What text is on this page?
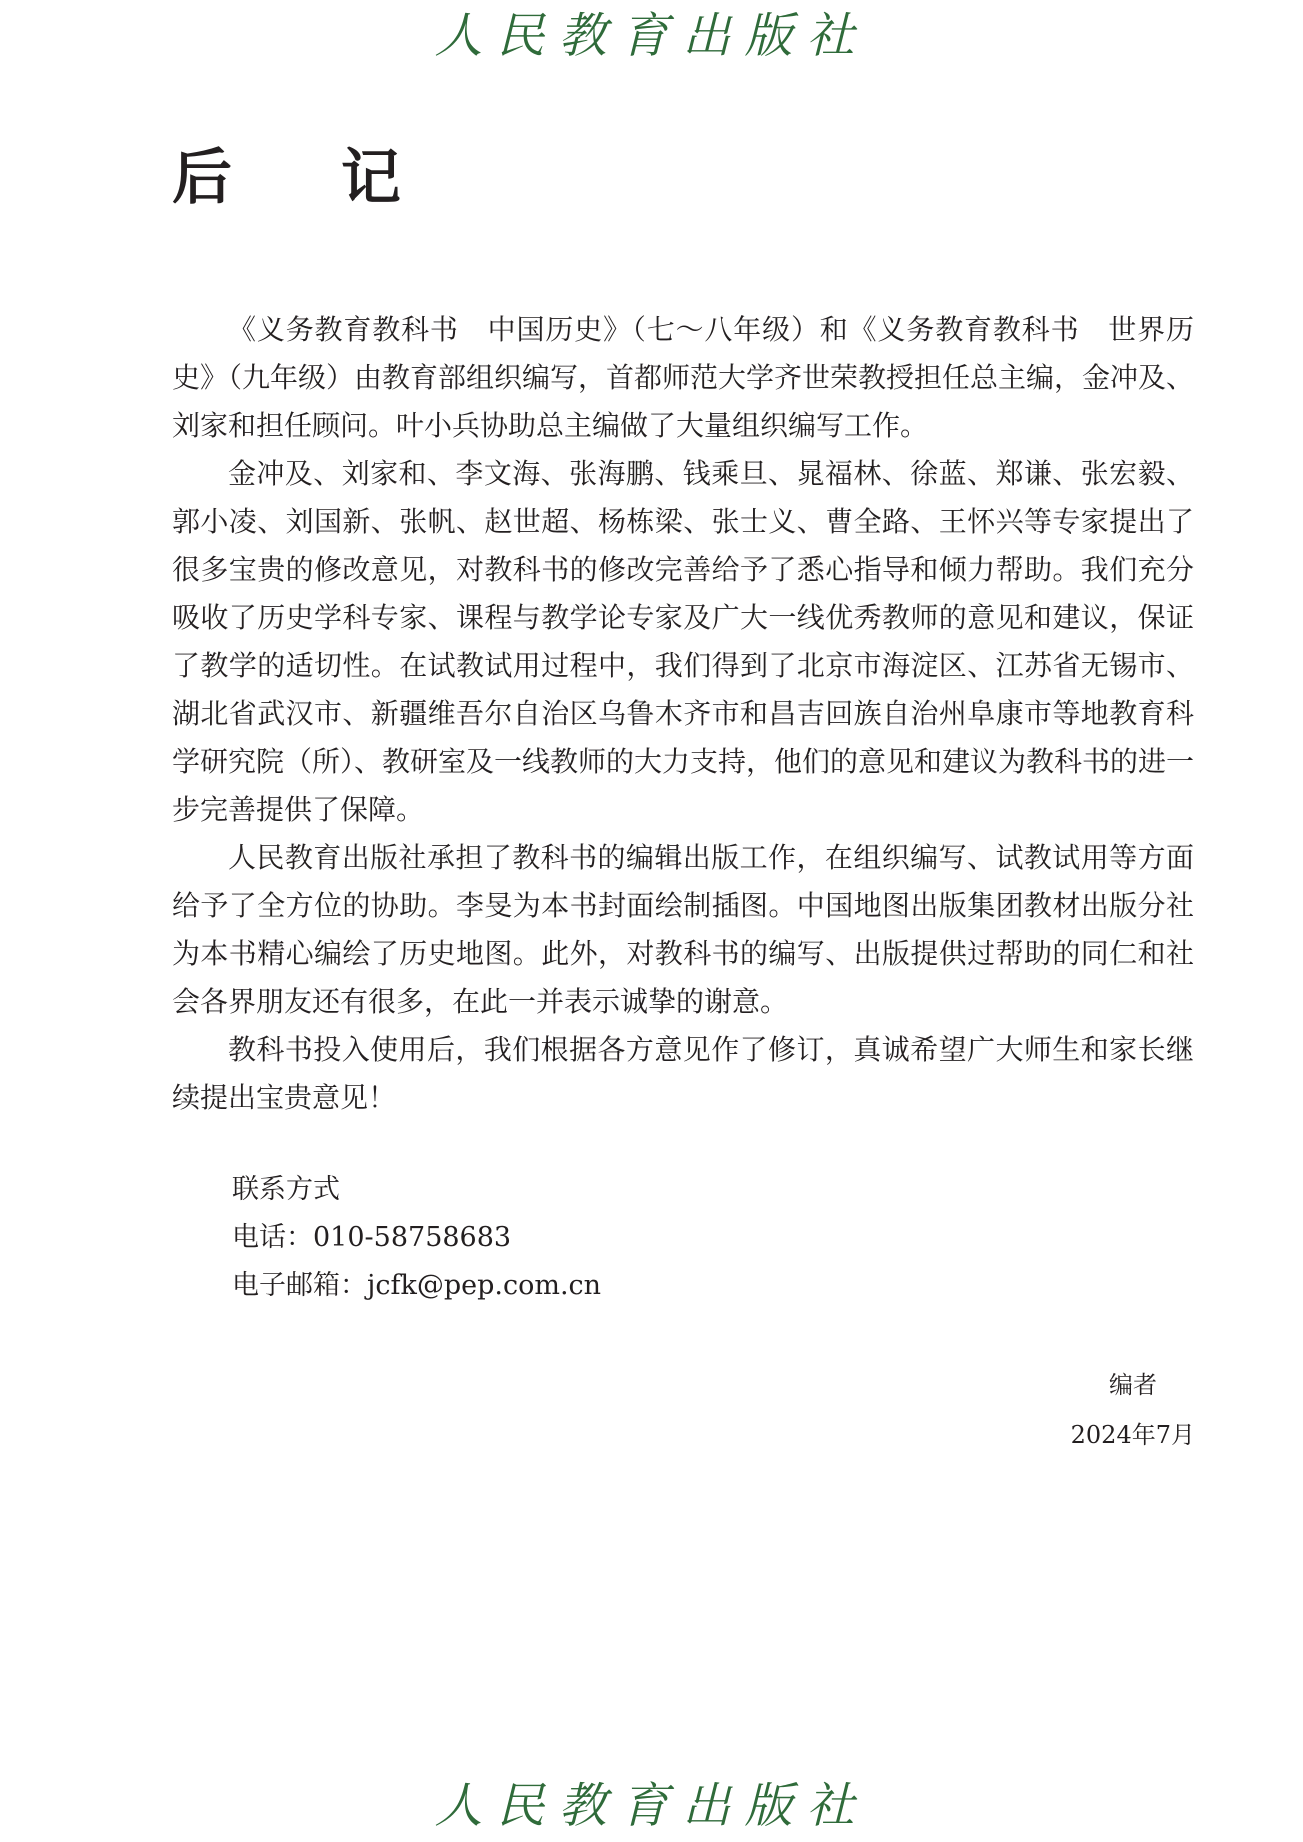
人民教育出版社
后 记

《义务教育教科书　中国历史》（七～八年级）和《义务教育教科书　世界历史》（九年级）由教育部组织编写，首都师范大学齐世荣教授担任总主编，金冲及、刘家和担任顾问。叶小兵协助总主编做了大量组织编写工作。

金冲及、刘家和、李文海、张海鹏、钱乘旦、晁福林、徐蓝、郑谦、张宏毅、郭小凌、刘国新、张帆、赵世超、杨栋梁、张士义、曹全路、王怀兴等专家提出了很多宝贵的修改意见，对教科书的修改完善给予了悉心指导和倾力帮助。我们充分吸收了历史学科专家、课程与教学论专家及广大一线优秀教师的意见和建议，保证了教学的适切性。在试教试用过程中，我们得到了北京市海淀区、江苏省无锡市、湖北省武汉市、新疆维吾尔自治区乌鲁木齐市和昌吉回族自治州阜康市等地教育科学研究院（所）、教研室及一线教师的大力支持，他们的意见和建议为教科书的进一步完善提供了保障。

人民教育出版社承担了教科书的编辑出版工作，在组织编写、试教试用等方面给予了全方位的协助。李旻为本书封面绘制插图。中国地图出版集团教材出版分社为本书精心编绘了历史地图。此外，对教科书的编写、出版提供过帮助的同仁和社会各界朋友还有很多，在此一并表示诚挚的谢意。

教科书投入使用后，我们根据各方意见作了修订，真诚希望广大师生和家长继续提出宝贵意见！

联系方式
电话：010-58758683
电子邮箱：jcfk@pep.com.cn
编者
2024年7月
人民教育出版社
